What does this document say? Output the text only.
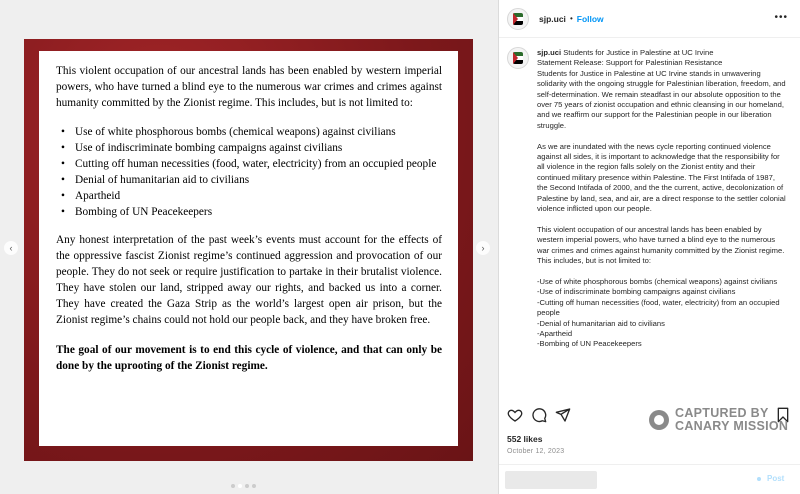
This violent occupation of our ancestral lands has been enabled by western imperial powers, who have turned a blind eye to the numerous war crimes and crimes against humanity committed by the Zionist regime. This includes, but is not limited to:

• Use of white phosphorous bombs (chemical weapons) against civilians
• Use of indiscriminate bombing campaigns against civilians
• Cutting off human necessities (food, water, electricity) from an occupied people
• Denial of humanitarian aid to civilians
• Apartheid
• Bombing of UN Peacekeepers

Any honest interpretation of the past week’s events must account for the effects of the oppressive fascist Zionist regime’s continued aggression and provocation of our people. They do not seek or require justification to partake in their brutalist violence. They have stolen our land, stripped away our rights, and backed us into a corner. They have created the Gaza Strip as the world’s largest open air prison, but the Zionist regime’s chains could not hold our people back, and they have broken free.

The goal of our movement is to end this cycle of violence, and that can only be done by the uprooting of the Zionist regime.

‹	›
sjp.uci • Follow	•••
sjp.uci Students for Justice in Palestine at UC Irvine
Statement Release: Support for Palestinian Resistance
Students for Justice in Palestine at UC Irvine stands in unwavering solidarity with the ongoing struggle for Palestinian liberation, freedom, and self-determination. We remain steadfast in our absolute opposition to the over 75 years of zionist occupation and ethnic cleansing in our homeland, and we reaffirm our support for the Palestinian people in our liberation struggle.

As we are inundated with the news cycle reporting continued violence against all sides, it is important to acknowledge that the responsibility for all violence in the region falls solely on the Zionist entity and their continued military presence within Palestine. The First Intifada of 1987, the Second Intifada of 2000, and the the current, active, decolonization of Palestine by land, sea, and air, are a direct response to the settler colonial violence inflicted upon our people.

This violent occupation of our ancestral lands has been enabled by western imperial powers, who have turned a blind eye to the numerous war crimes and crimes against humanity committed by the Zionist regime. This includes, but is not limited to:

-Use of white phosphorous bombs (chemical weapons) against civilians
-Use of indiscriminate bombing campaigns against civilians
-Cutting off human necessities (food, water, electricity) from an occupied people
-Denial of humanitarian aid to civilians
-Apartheid
-Bombing of UN Peacekeepers
CAPTURED BY
CANARY MISSION
552 likes
October 12, 2023
Post
